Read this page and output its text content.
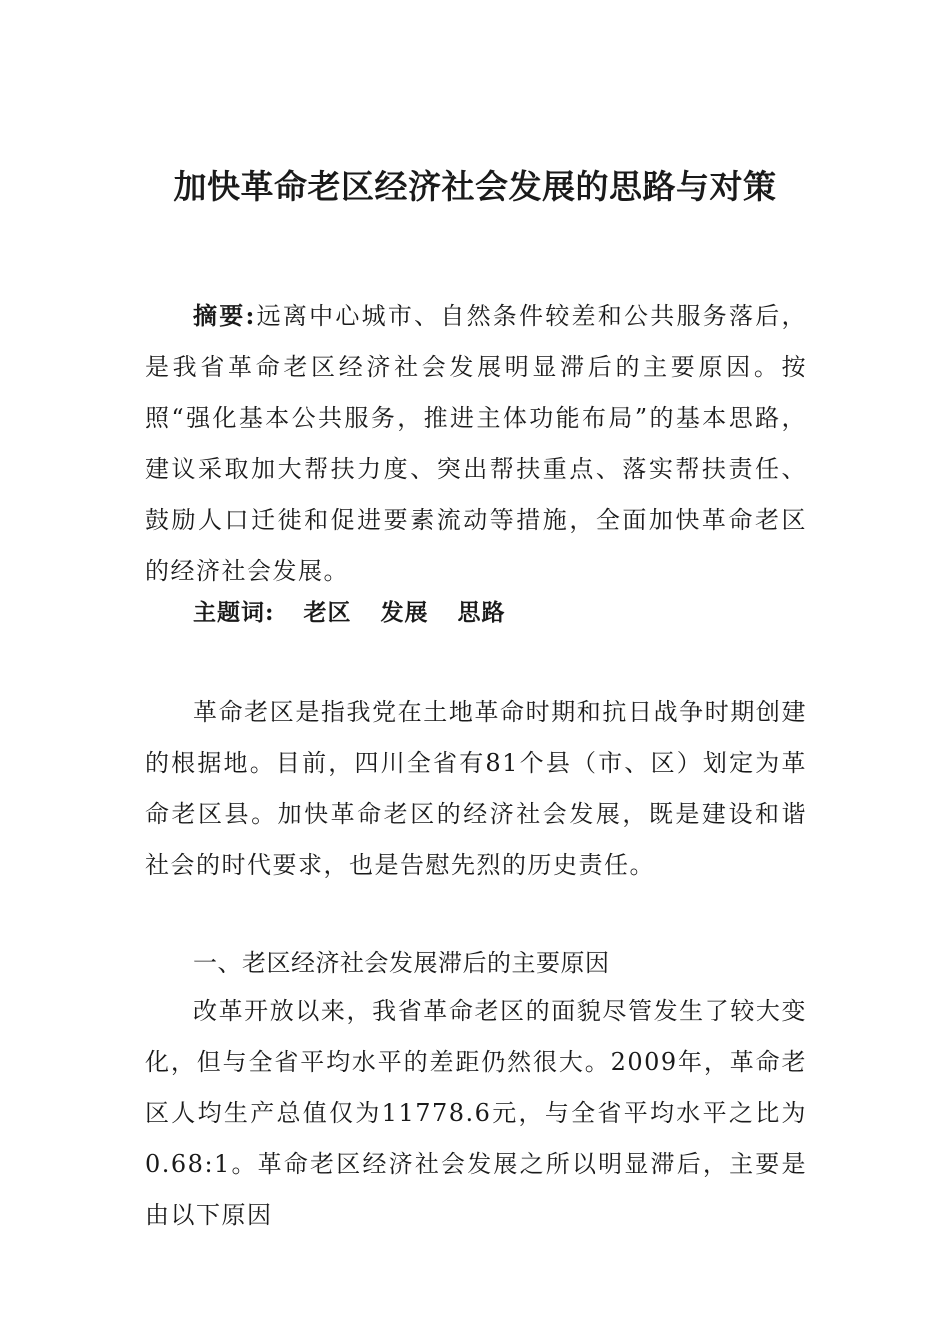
加快革命老区经济社会发展的思路与对策

摘要:远离中心城市、自然条件较差和公共服务落后，是我省革命老区经济社会发展明显滞后的主要原因。按照“强化基本公共服务，推进主体功能布局”的基本思路，建议采取加大帮扶力度、突出帮扶重点、落实帮扶责任、鼓励人口迁徙和促进要素流动等措施，全面加快革命老区的经济社会发展。

主题词: 老区 发展 思路

革命老区是指我党在土地革命时期和抗日战争时期创建的根据地。目前，四川全省有81个县（市、区）划定为革命老区县。加快革命老区的经济社会发展，既是建设和谐社会的时代要求，也是告慰先烈的历史责任。

一、老区经济社会发展滞后的主要原因

改革开放以来，我省革命老区的面貌尽管发生了较大变化，但与全省平均水平的差距仍然很大。2009年，革命老区人均生产总值仅为11778.6元，与全省平均水平之比为0.68:1。革命老区经济社会发展之所以明显滞后，主要是由以下原因
